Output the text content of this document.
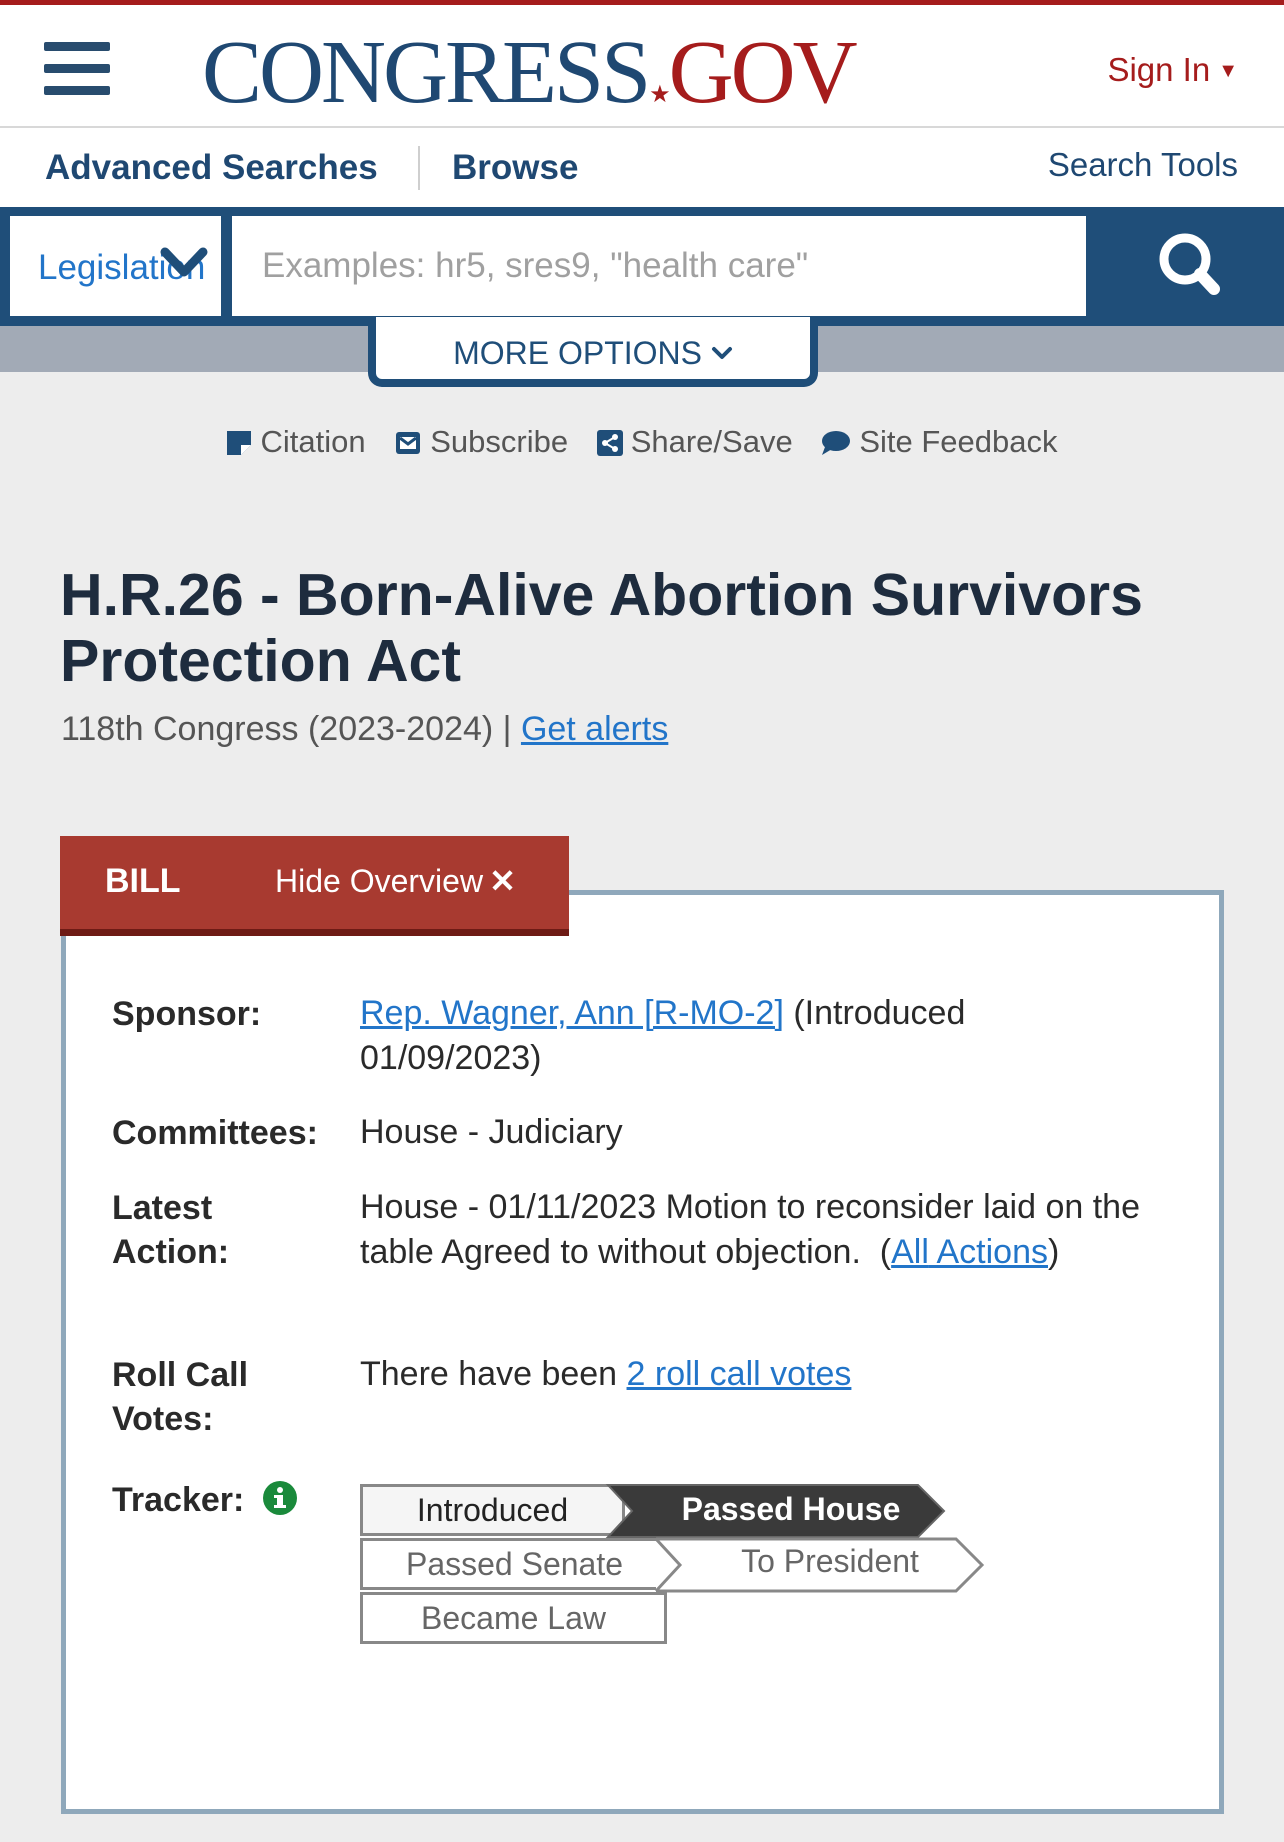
CONGRESS★GOV	Sign In ▼
Advanced Searches Browse	Search Tools
Legislation
Examples: hr5, sres9, "health care"
MORE OPTIONS
Citation Subscribe Share/Save Site Feedback
H.R.26 - Born-Alive Abortion Survivors Protection Act
118th Congress (2023-2024) | Get alerts
BILL	Hide Overview ✕
Sponsor:	Rep. Wagner, Ann [R-MO-2] (Introduced 01/09/2023)
Committees: House - Judiciary
Latest
Action:
House - 01/11/2023 Motion to reconsider laid on the table Agreed to without objection.  (All Actions)
Roll Call
Votes:
There have been 2 roll call votes
Tracker:	Introduced	Passed House
Passed Senate	To President
Became Law
